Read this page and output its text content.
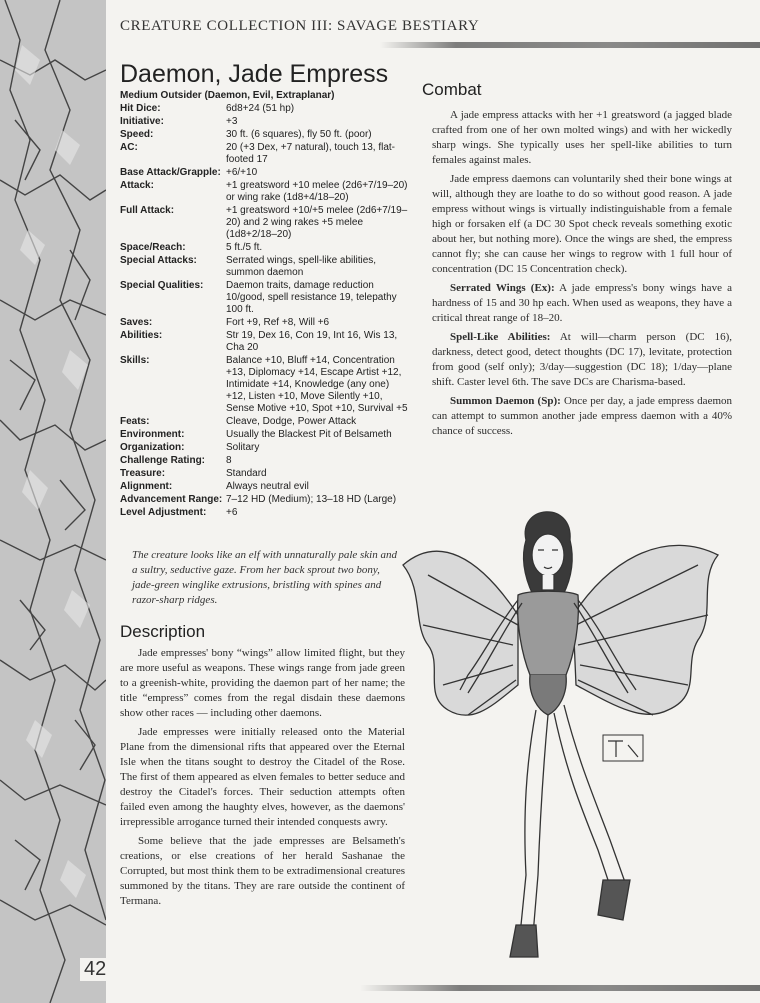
42
CREATURE COLLECTION III: SAVAGE BESTIARY
Daemon, Jade Empress
Medium Outsider (Daemon, Evil, Extraplanar)
Hit Dice:	6d8+24 (51 hp)
Initiative:	+3
Speed:	30 ft. (6 squares), fly 50 ft. (poor)
AC:	20 (+3 Dex, +7 natural), touch 13, flat-footed 17
Base Attack/Grapple:	+6/+10
Attack:	+1 greatsword +10 melee (2d6+7/19–20) or wing rake (1d8+4/18–20)
Full Attack:	+1 greatsword +10/+5 melee (2d6+7/19–20) and 2 wing rakes +5 melee (1d8+2/18–20)
Space/Reach:	5 ft./5 ft.
Special Attacks:	Serrated wings, spell-like abilities, summon daemon
Special Qualities:	Daemon traits, damage reduction 10/good, spell resistance 19, telepathy 100 ft.
Saves:	Fort +9, Ref +8, Will +6
Abilities:	Str 19, Dex 16, Con 19, Int 16, Wis 13, Cha 20
Skills:	Balance +10, Bluff +14, Concentration +13, Diplomacy +14, Escape Artist +12, Intimidate +14, Knowledge (any one) +12, Listen +10, Move Silently +10, Sense Motive +10, Spot +10, Survival +5
Feats:	Cleave, Dodge, Power Attack
Environment:	Usually the Blackest Pit of Belsameth
Organization:	Solitary
Challenge Rating:	8
Treasure:	Standard
Alignment:	Always neutral evil
Advancement Range:	7–12 HD (Medium); 13–18 HD (Large)
Level Adjustment:	+6

The creature looks like an elf with unnaturally pale skin and a sultry, seductive gaze. From her back sprout two bony, jade-green winglike extrusions, bristling with spines and razor-sharp ridges.

Description

Jade empresses' bony “wings” allow limited flight, but they are more useful as weapons. These wings range from jade green to a greenish-white, providing the daemon part of her name; the title “empress” comes from the regal disdain these daemons show other races — including other daemons.

Jade empresses were initially released onto the Material Plane from the dimensional rifts that appeared over the Eternal Isle when the titans sought to destroy the Citadel of the Rose. The first of them appeared as elven females to better seduce and destroy the Citadel's forces. Their seduction attempts often failed even among the haughty elves, however, as the daemons' irrepressible arrogance turned their intended conquests awry.

Some believe that the jade empresses are Belsameth's creations, or else creations of her herald Sashanae the Corrupted, but most think them to be extradimensional creatures summoned by the titans. They are rare outside the continent of Termana.

Combat

A jade empress attacks with her +1 greatsword (a jagged blade crafted from one of her own molted wings) and with her wickedly sharp wings. She typically uses her spell-like abilities to turn females against males.

Jade empress daemons can voluntarily shed their bone wings at will, although they are loathe to do so without good reason. A jade empress without wings is virtually indistinguishable from a female high or forsaken elf (a DC 30 Spot check reveals something exotic about her, but nothing more). Once the wings are shed, the empress cannot fly; she can cause her wings to regrow with 1 full hour of concentration (DC 15 Concentration check).

Serrated Wings (Ex): A jade empress's bony wings have a hardness of 15 and 30 hp each. When used as weapons, they have a critical threat range of 18–20.

Spell-Like Abilities: At will—charm person (DC 16), darkness, detect good, detect thoughts (DC 17), levitate, protection from good (self only); 3/day—suggestion (DC 18); 1/day—plane shift. Caster level 6th. The save DCs are Charisma-based.

Summon Daemon (Sp): Once per day, a jade empress daemon can attempt to summon another jade empress daemon with a 40% chance of success.
